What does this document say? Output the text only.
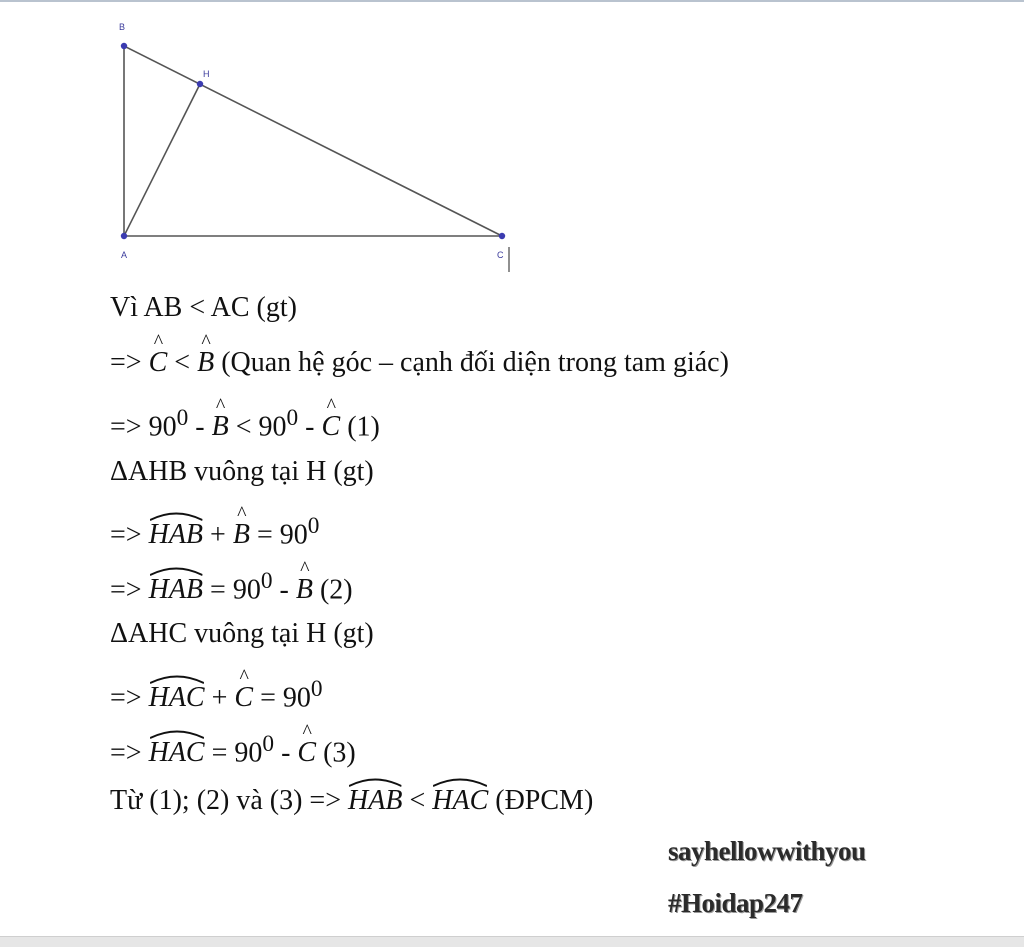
B
H
A	C
Vì AB < AC (gt)
=> ^ C < ^ B (Quan hệ góc – cạnh đối diện trong tam giác)
=> $90^0$ - ^ $B < 90^0$ - ^ C (1)
ΔAHB vuông tại H (gt)
=>
HAB + ^ $B = 90^0$
=>
HAB = $90^0$ - ^ B (2)
ΔAHC vuông tại H (gt)
=>
HAC + ^ $C = 90^0$
=>
HAC = $90^0$ - ^ C (3)
Từ (1); (2) và (3) =>
HAB <
HAC (ĐPCM)
sayhellowwithyou
#Hoidap247
